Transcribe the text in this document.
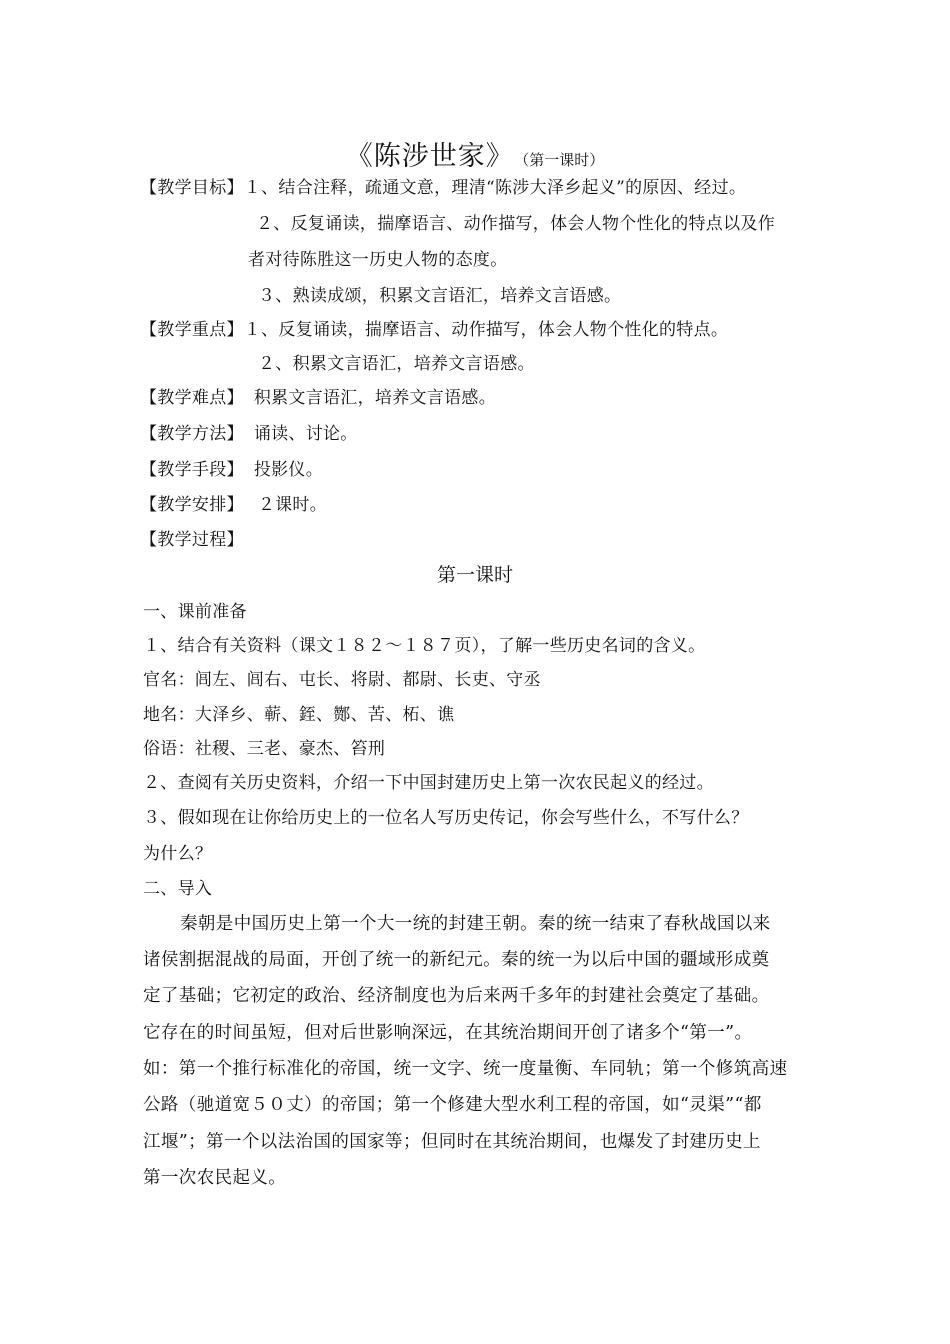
《陈涉世家》 （第一课时）
【教学目标】１、结合注释，疏通文意，理清“陈涉大泽乡起义”的原因、经过。
２、反复诵读，揣摩语言、动作描写，体会人物个性化的特点以及作
者对待陈胜这一历史人物的态度。
３、熟读成颂，积累文言语汇，培养文言语感。
【教学重点】１、反复诵读，揣摩语言、动作描写，体会人物个性化的特点。
２、积累文言语汇，培养文言语感。
【教学难点】 积累文言语汇，培养文言语感。
【教学方法】 诵读、讨论。
【教学手段】 投影仪。
【教学安排】 ２课时。
【教学过程】
第一课时
一、课前准备
１、结合有关资料（课文１８２～１８７页），了解一些历史名词的含义。
官名：闾左、闾右、屯长、将尉、都尉、长吏、守丞
地名：大泽乡、蕲、銍、酂、苦、柘、谯
俗语：社稷、三老、豪杰、笞刑
２、查阅有关历史资料，介绍一下中国封建历史上第一次农民起义的经过。
３、假如现在让你给历史上的一位名人写历史传记，你会写些什么，不写什么？
为什么？
二、导入
秦朝是中国历史上第一个大一统的封建王朝。秦的统一结束了春秋战国以来
诸侯割据混战的局面，开创了统一的新纪元。秦的统一为以后中国的疆域形成奠
定了基础；它初定的政治、经济制度也为后来两千多年的封建社会奠定了基础。
它存在的时间虽短，但对后世影响深远，在其统治期间开创了诸多个“第一”。
如：第一个推行标准化的帝国，统一文字、统一度量衡、车同轨；第一个修筑高速
公路（驰道宽５０丈）的帝国；第一个修建大型水利工程的帝国，如“灵渠”“都
江堰”；第一个以法治国的国家等；但同时在其统治期间，也爆发了封建历史上
第一次农民起义。
